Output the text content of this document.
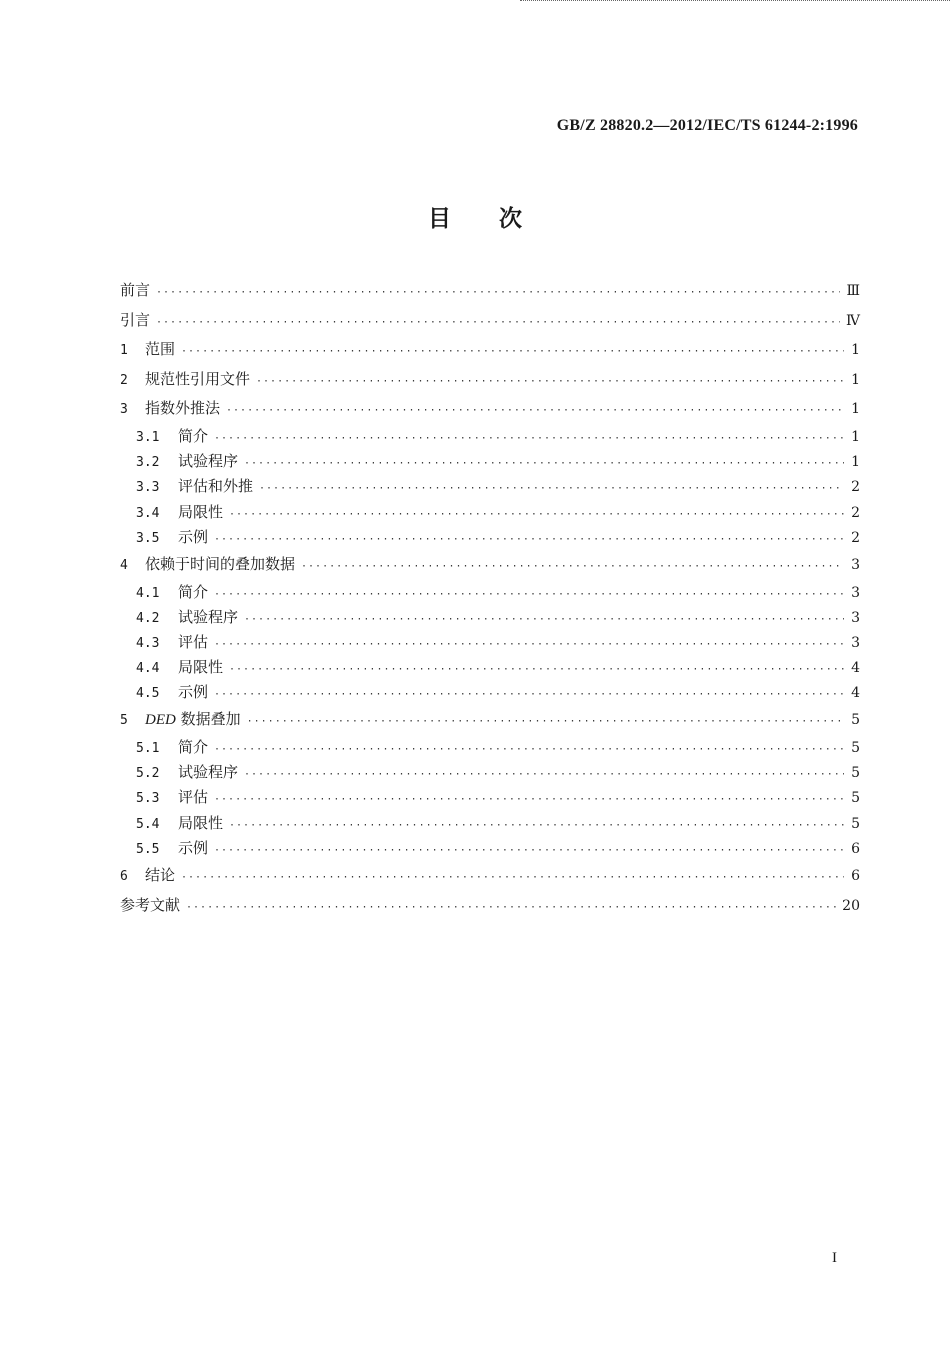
GB/Z 28820.2—2012/IEC/TS 61244-2:1996
目次
前言 ·····	Ⅲ
引言 ·····	Ⅳ
1	范围 ·····	1
2	规范性引用文件 ·····	1
3	指数外推法 ·····	1
3.1	简介 ·····	1
3.2	试验程序 ·····	1
3.3	评估和外推 ·····	2
3.4	局限性 ·····	2
3.5	示例 ·····	2
4	依赖于时间的叠加数据 ·····	3
4.1	简介 ·····	3
4.2	试验程序 ·····	3
4.3	评估 ·····	3
4.4	局限性 ·····	4
4.5	示例 ·····	4
5	DED 数据叠加 ·····	5
5.1	简介 ·····	5
5.2	试验程序 ·····	5
5.3	评估 ·····	5
5.4	局限性 ·····	5
5.5	示例 ·····	6
6	结论 ·····	6
参考文献 ·····	20
I
